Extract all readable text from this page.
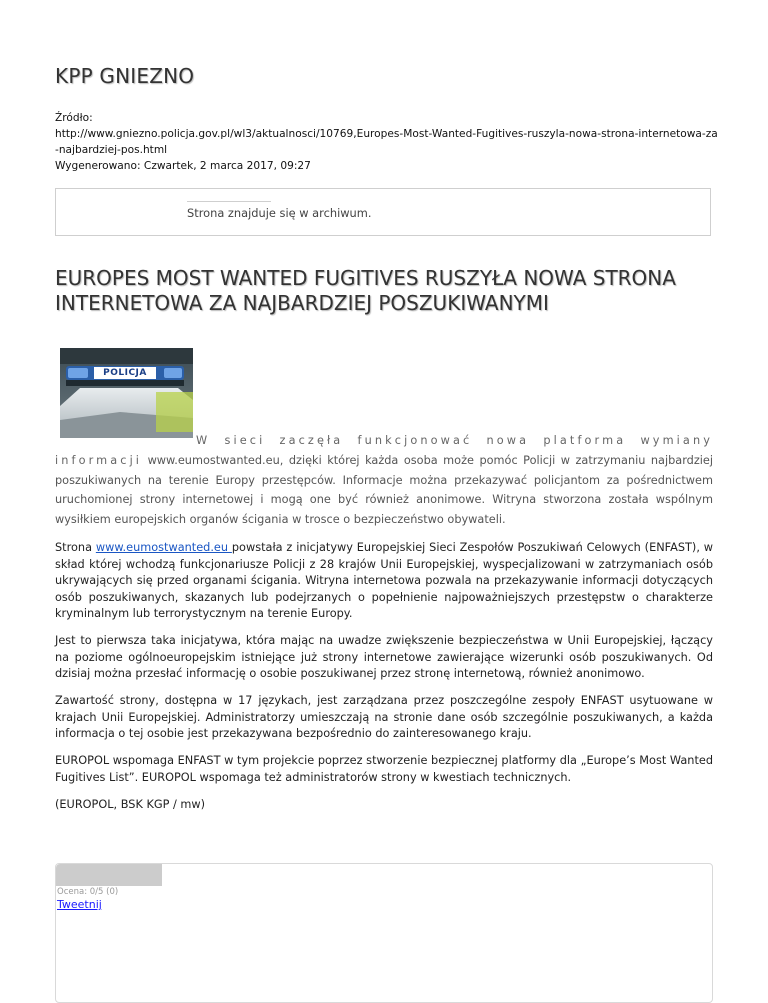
KPP GNIEZNO
Źródło:
http://www.gniezno.policja.gov.pl/wl3/aktualnosci/10769,Europes-Most-Wanted-Fugitives-ruszyla-nowa-strona-internetowa-za
-najbardziej-pos.html
Wygenerowano: Czwartek, 2 marca 2017, 09:27
Strona znajduje się w archiwum.
EUROPES MOST WANTED FUGITIVES RUSZYŁA NOWA STRONA INTERNETOWA ZA NAJBARDZIEJ POSZUKIWANYMI
POLICJA
W sieci zaczęła funkcjonować nowa platforma wymiany informacji www.eumostwanted.eu, dzięki której każda osoba może pomóc Policji w zatrzymaniu najbardziej poszukiwanych na terenie Europy przestępców. Informacje można przekazywać policjantom za pośrednictwem uruchomionej strony internetowej i mogą one być również anonimowe. Witryna stworzona została wspólnym wysiłkiem europejskich organów ścigania w trosce o bezpieczeństwo obywateli.

Strona www.eumostwanted.eu powstała z inicjatywy Europejskiej Sieci Zespołów Poszukiwań Celowych (ENFAST), w skład której wchodzą funkcjonariusze Policji z 28 krajów Unii Europejskiej, wyspecjalizowani w zatrzymaniach osób ukrywających się przed organami ścigania. Witryna internetowa pozwala na przekazywanie informacji dotyczących osób poszukiwanych, skazanych lub podejrzanych o popełnienie najpoważniejszych przestępstw o charakterze kryminalnym lub terrorystycznym na terenie Europy.

Jest to pierwsza taka inicjatywa, która mając na uwadze zwiększenie bezpieczeństwa w Unii Europejskiej, łączący na poziome ogólnoeuropejskim istniejące już strony internetowe zawierające wizerunki osób poszukiwanych. Od dzisiaj można przesłać informację o osobie poszukiwanej przez stronę internetową, również anonimowo.

Zawartość strony, dostępna w 17 językach, jest zarządzana przez poszczególne zespoły ENFAST usytuowane w krajach Unii Europejskiej. Administratorzy umieszczają na stronie dane osób szczególnie poszukiwanych, a każda informacja o tej osobie jest przekazywana bezpośrednio do zainteresowanego kraju.

EUROPOL wspomaga ENFAST w tym projekcie poprzez stworzenie bezpiecznej platformy dla „Europe’s Most Wanted Fugitives List”. EUROPOL wspomaga też administratorów strony w kwestiach technicznych.

(EUROPOL, BSK KGP / mw)

Ocena: 0/5 (0)
Tweetnij
